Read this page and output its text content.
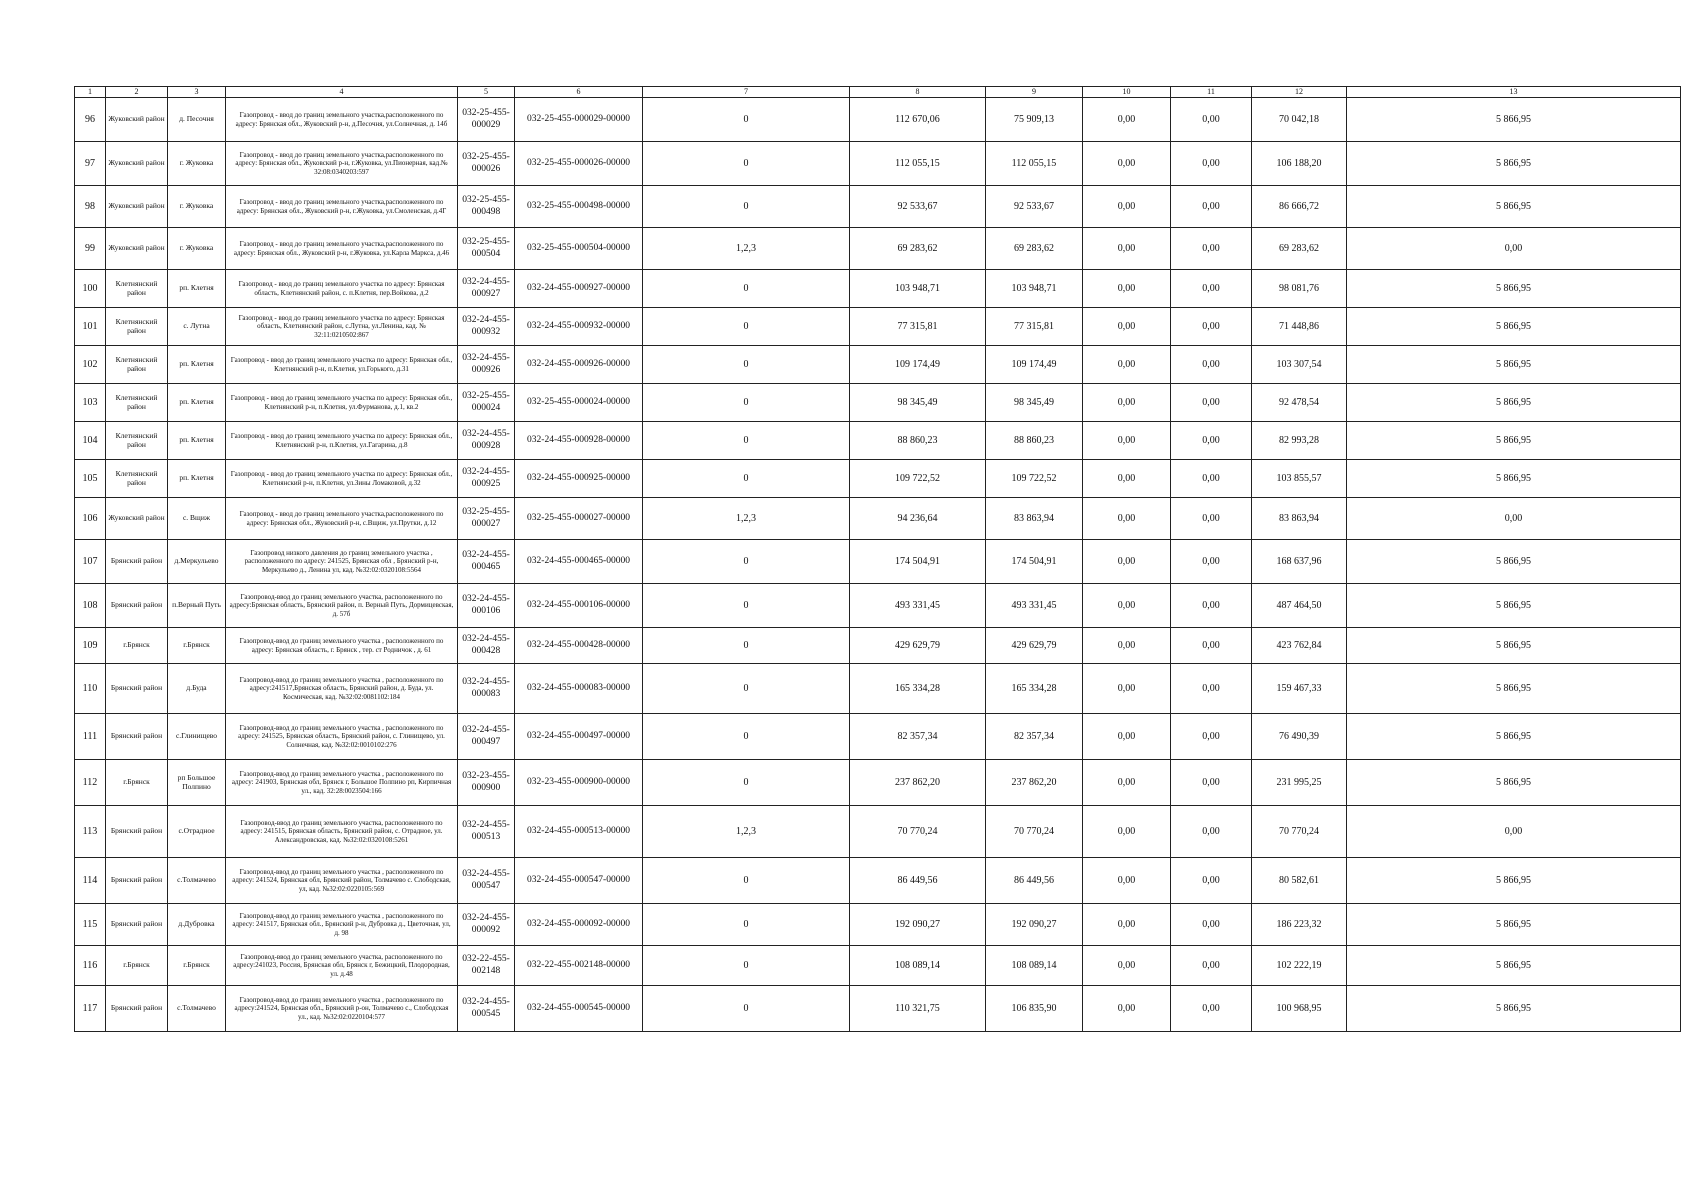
1	2	3	4	5	6	7	8	9	10	11	12	13
96	Жуковский район	д. Песочня	Газопровод - ввод до границ земельного участка,расположенного по адресу: Брянская обл., Жуковский р-н, д.Песочня, ул.Солнечная, д. 14б	032-25-455-000029	032-25-455-000029-00000	0	112 670,06	75 909,13	0,00	0,00	70 042,18	5 866,95
97	Жуковский район	г. Жуковка	Газопровод - ввод до границ земельного участка,расположенного по адресу: Брянская обл., Жуковский р-н, г.Жуковка, ул.Пионерная, кад.№ 32:08:0340203:597	032-25-455-000026	032-25-455-000026-00000	0	112 055,15	112 055,15	0,00	0,00	106 188,20	5 866,95
98	Жуковский район	г. Жуковка	Газопровод - ввод до границ земельного участка,расположенного по адресу: Брянская обл., Жуковский р-н, г.Жуковка, ул.Смоленская, д.4Г	032-25-455-000498	032-25-455-000498-00000	0	92 533,67	92 533,67	0,00	0,00	86 666,72	5 866,95
99	Жуковский район	г. Жуковка	Газопровод - ввод до границ земельного участка,расположенного по адресу: Брянская обл., Жуковский р-н, г.Жуковка, ул.Карла Маркса, д.46	032-25-455-000504	032-25-455-000504-00000	1,2,3	69 283,62	69 283,62	0,00	0,00	69 283,62	0,00
100	Клетнянский район	рп. Клетня	Газопровод - ввод до границ земельного участка по адресу: Брянская область, Клетнянский район, с. п.Клетня, пер.Войкова, д.2	032-24-455-000927	032-24-455-000927-00000	0	103 948,71	103 948,71	0,00	0,00	98 081,76	5 866,95
101	Клетнянский район	с. Лутна	Газопровод - ввод до границ земельного участка по адресу: Брянская область, Клетнянский район, с.Лутна, ул.Ленина, кад. № 32:11:0210502:867	032-24-455-000932	032-24-455-000932-00000	0	77 315,81	77 315,81	0,00	0,00	71 448,86	5 866,95
102	Клетнянский район	рп. Клетня	Газопровод - ввод до границ земельного участка по адресу: Брянская обл., Клетнянский р-н, п.Клетня, ул.Горького, д.31	032-24-455-000926	032-24-455-000926-00000	0	109 174,49	109 174,49	0,00	0,00	103 307,54	5 866,95
103	Клетнянский район	рп. Клетня	Газопровод - ввод до границ земельного участка по адресу: Брянская обл., Клетнянский р-н, п.Клетня, ул.Фурманова, д.1, кв.2	032-25-455-000024	032-25-455-000024-00000	0	98 345,49	98 345,49	0,00	0,00	92 478,54	5 866,95
104	Клетнянский район	рп. Клетня	Газопровод - ввод до границ земельного участка по адресу: Брянская обл., Клетнянский р-н, п.Клетня, ул.Гагарина, д.8	032-24-455-000928	032-24-455-000928-00000	0	88 860,23	88 860,23	0,00	0,00	82 993,28	5 866,95
105	Клетнянский район	рп. Клетня	Газопровод - ввод до границ земельного участка по адресу: Брянская обл., Клетнянский р-н, п.Клетня, ул.Зины Ломаковой, д.32	032-24-455-000925	032-24-455-000925-00000	0	109 722,52	109 722,52	0,00	0,00	103 855,57	5 866,95
106	Жуковский район	с. Вщиж	Газопровод - ввод до границ земельного участка,расположенного по адресу: Брянская обл., Жуковский р-н, с.Вщиж, ул.Прутки, д.12	032-25-455-000027	032-25-455-000027-00000	1,2,3	94 236,64	83 863,94	0,00	0,00	83 863,94	0,00
107	Брянский район	д.Меркульево	Газопровод низкого давления до границ земельного участка , расположенного по адресу: 241525, Брянская обл , Брянский р-н, Меркульево д., Ленина ул, кад. №32:02:0320108:5564	032-24-455-000465	032-24-455-000465-00000	0	174 504,91	174 504,91	0,00	0,00	168 637,96	5 866,95
108	Брянский район	п.Верный Путь	Газопровод-ввод до границ земельного участка, расположенного по адресу:Брянская область, Брянский район, п. Верный Путь, Дормицевская, д. 57б	032-24-455-000106	032-24-455-000106-00000	0	493 331,45	493 331,45	0,00	0,00	487 464,50	5 866,95
109	г.Брянск	г.Брянск	Газопровод-ввод до границ земельного участка , расположенного по адресу: Брянская область, г. Брянск , тер. ст Родничок , д. 61	032-24-455-000428	032-24-455-000428-00000	0	429 629,79	429 629,79	0,00	0,00	423 762,84	5 866,95
110	Брянский район	д.Буда	Газопровод-ввод до границ земельного участка , расположенного по адресу:241517,Брянская область, Брянский район, д. Буда, ул. Космическая, кад. №32:02:0081102:184	032-24-455-000083	032-24-455-000083-00000	0	165 334,28	165 334,28	0,00	0,00	159 467,33	5 866,95
111	Брянский район	с.Глинищево	Газопровод-ввод до границ земельного участка , расположенного по адресу: 241525, Брянская область, Брянский район, с. Глинищево, ул. Солнечная, кад. №32:02:0010102:276	032-24-455-000497	032-24-455-000497-00000	0	82 357,34	82 357,34	0,00	0,00	76 490,39	5 866,95
112	г.Брянск	рп Большое Полпино	Газопровод-ввод до границ земельного участка , расположенного по адресу: 241903, Брянская обл, Брянск г, Большое Полпино рп, Кирпичная ул., кад. 32:28:0023504:166	032-23-455-000900	032-23-455-000900-00000	0	237 862,20	237 862,20	0,00	0,00	231 995,25	5 866,95
113	Брянский район	с.Отрадное	Газопровод-ввод до границ земельного участка, расположенного по адресу: 241515, Брянская область, Брянский район, с. Отрадное, ул. Александровская, кад. №32:02:0320108:5261	032-24-455-000513	032-24-455-000513-00000	1,2,3	70 770,24	70 770,24	0,00	0,00	70 770,24	0,00
114	Брянский район	с.Толмачево	Газопровод-ввод до границ земельного участка , расположенного по адресу: 241524, Брянская обл, Брянский район, Толмачево с. Слободская, ул, кад. №32:02:0220105:569	032-24-455-000547	032-24-455-000547-00000	0	86 449,56	86 449,56	0,00	0,00	80 582,61	5 866,95
115	Брянский район	д.Дубровка	Газопровод-ввод до границ земельного участка , расположенного по адресу: 241517, Брянская обл., Брянский р-н, Дубровка д., Цветочная, ул, д. 98	032-24-455-000092	032-24-455-000092-00000	0	192 090,27	192 090,27	0,00	0,00	186 223,32	5 866,95
116	г.Брянск	г.Брянск	Газопровод-ввод до границ земельного участка, расположенного по адресу:241023, Россия, Брянская обл, Брянск г, Бежицкий, Плодородная, ул. д.48	032-22-455-002148	032-22-455-002148-00000	0	108 089,14	108 089,14	0,00	0,00	102 222,19	5 866,95
117	Брянский район	с.Толмачево	Газопровод-ввод до границ земельного участка , расположенного по адресу:241524, Брянская обл., Брянский р-он, Толмачево с., Слободская ул., кад. №32:02:0220104:577	032-24-455-000545	032-24-455-000545-00000	0	110 321,75	106 835,90	0,00	0,00	100 968,95	5 866,95
